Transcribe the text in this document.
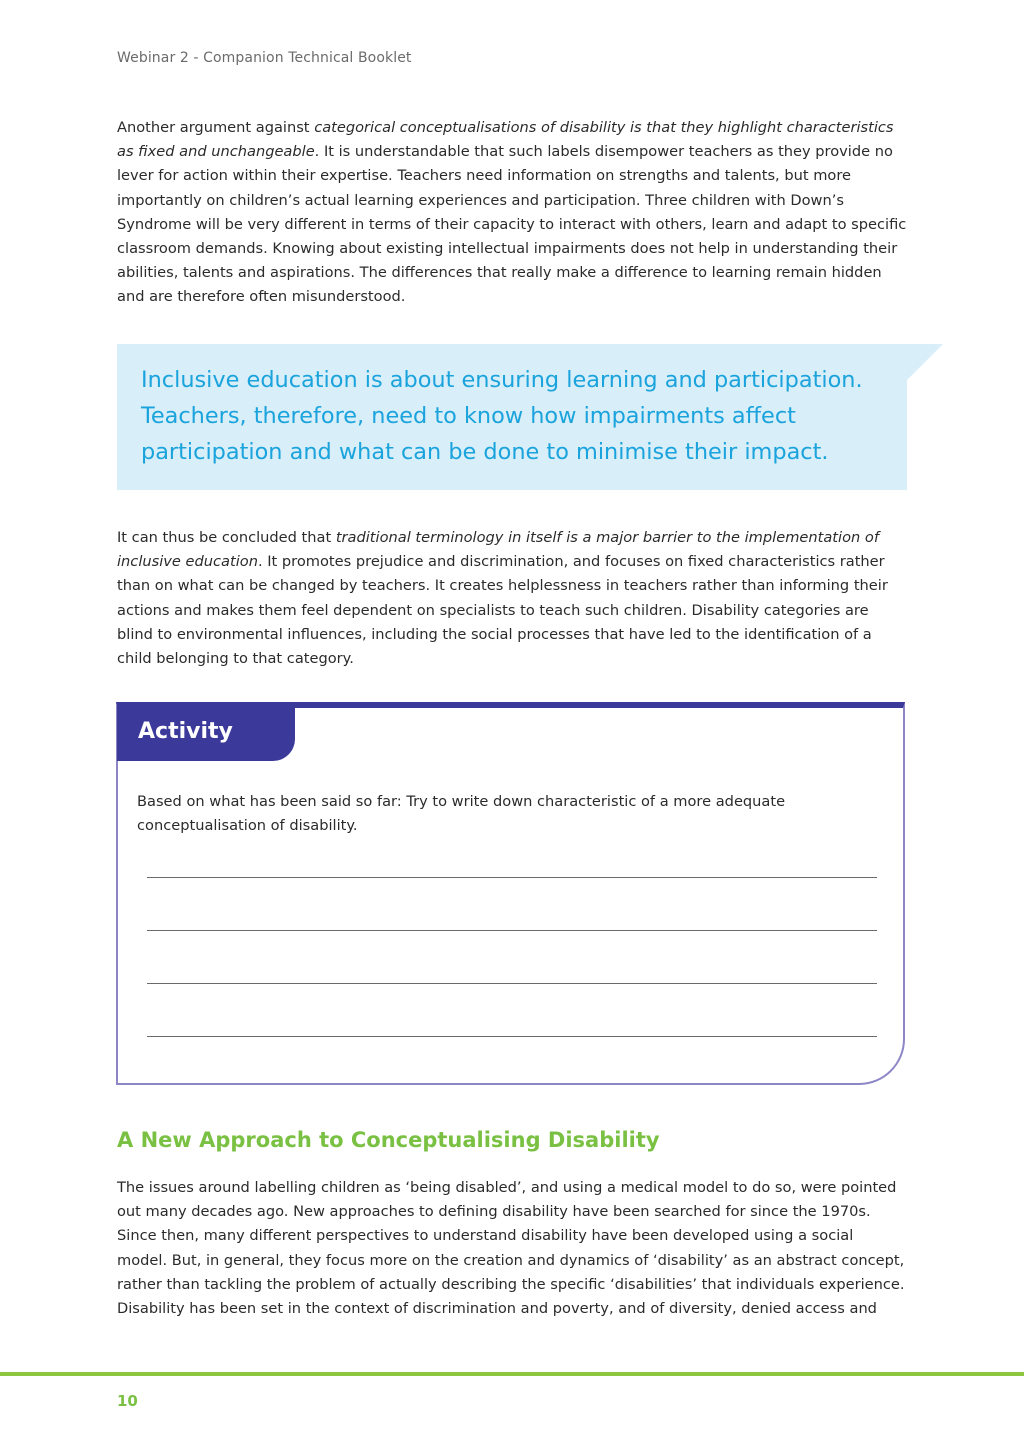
Webinar 2 - Companion Technical Booklet
Another argument against categorical conceptualisations of disability is that they highlight characteristics as fixed and unchangeable. It is understandable that such labels disempower teachers as they provide no lever for action within their expertise. Teachers need information on strengths and talents, but more importantly on children’s actual learning experiences and participation. Three children with Down’s Syndrome will be very different in terms of their capacity to interact with others, learn and adapt to specific classroom demands. Knowing about existing intellectual impairments does not help in understanding their abilities, talents and aspirations. The differences that really make a difference to learning remain hidden and are therefore often misunderstood.
Inclusive education is about ensuring learning and participation. Teachers, therefore, need to know how impairments affect participation and what can be done to minimise their impact.
It can thus be concluded that traditional terminology in itself is a major barrier to the implementation of inclusive education. It promotes prejudice and discrimination, and focuses on fixed characteristics rather than on what can be changed by teachers. It creates helplessness in teachers rather than informing their actions and makes them feel dependent on specialists to teach such children. Disability categories are blind to environmental influences, including the social processes that have led to the identification of a child belonging to that category.
Activity
Based on what has been said so far: Try to write down characteristic of a more adequate conceptualisation of disability.
A New Approach to Conceptualising Disability
The issues around labelling children as ‘being disabled’, and using a medical model to do so, were pointed out many decades ago. New approaches to defining disability have been searched for since the 1970s. Since then, many different perspectives to understand disability have been developed using a social model. But, in general, they focus more on the creation and dynamics of ‘disability’ as an abstract concept, rather than tackling the problem of actually describing the specific ‘disabilities’ that individuals experience. Disability has been set in the context of discrimination and poverty, and of diversity, denied access and
10
